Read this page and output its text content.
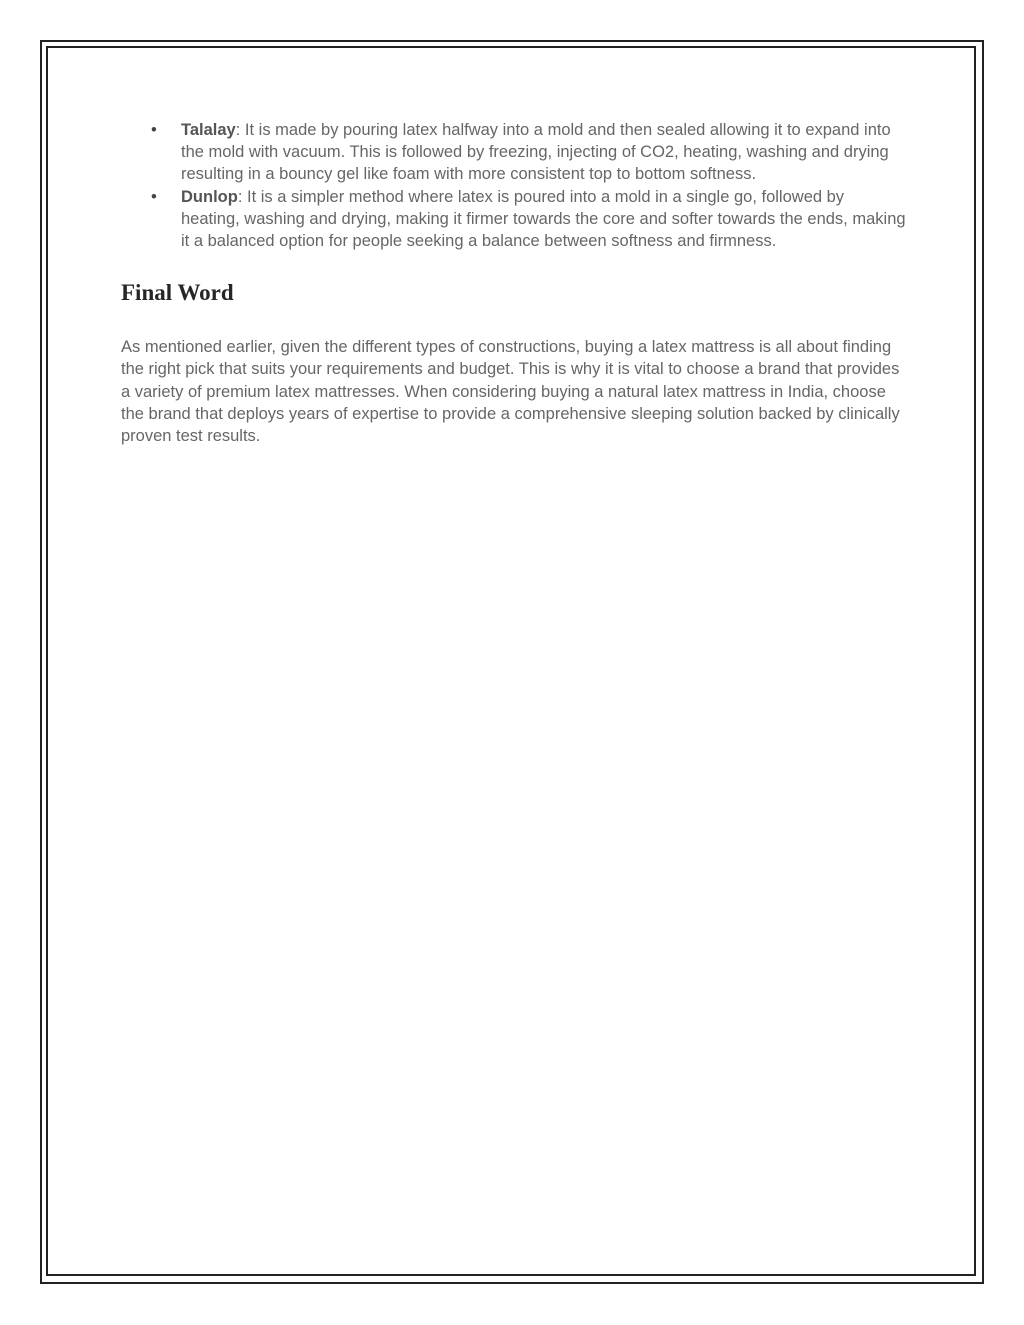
• Talalay: It is made by pouring latex halfway into a mold and then sealed allowing it to expand into the mold with vacuum. This is followed by freezing, injecting of CO2, heating, washing and drying resulting in a bouncy gel like foam with more consistent top to bottom softness.
• Dunlop: It is a simpler method where latex is poured into a mold in a single go, followed by heating, washing and drying, making it firmer towards the core and softer towards the ends, making it a balanced option for people seeking a balance between softness and firmness.
Final Word

As mentioned earlier, given the different types of constructions, buying a latex mattress is all about finding the right pick that suits your requirements and budget. This is why it is vital to choose a brand that provides a variety of premium latex mattresses. When considering buying a natural latex mattress in India, choose the brand that deploys years of expertise to provide a comprehensive sleeping solution backed by clinically proven test results.
